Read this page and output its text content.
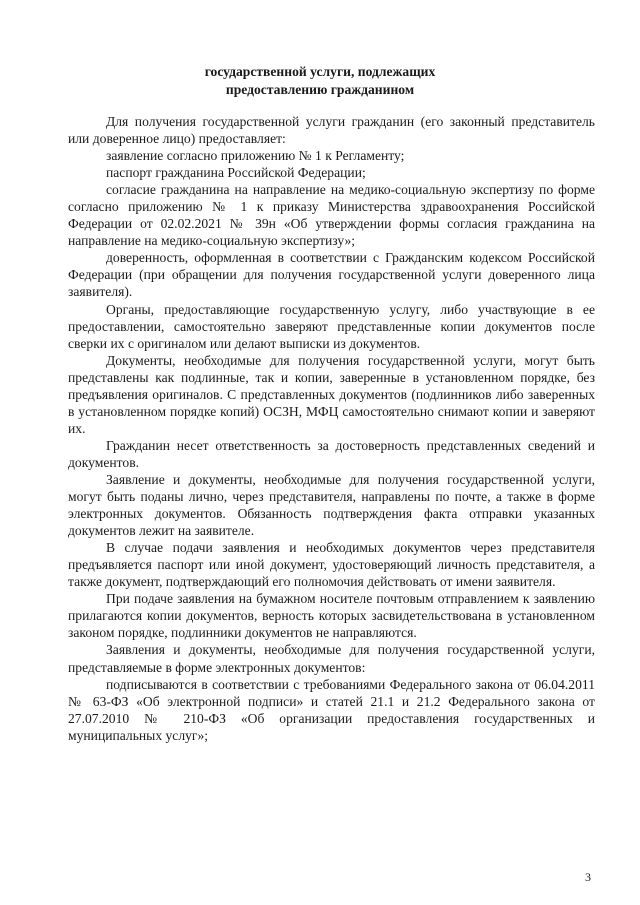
государственной услуги, подлежащих
предоставлению гражданином

Для получения государственной услуги гражданин (его законный представитель или доверенное лицо) предоставляет:

заявление согласно приложению № 1 к Регламенту;

паспорт гражданина Российской Федерации;

согласие гражданина на направление на медико-социальную экспертизу по форме согласно приложению № 1 к приказу Министерства здравоохранения Российской Федерации от 02.02.2021 № 39н «Об утверждении формы согласия гражданина на направление на медико-социальную экспертизу»;

доверенность, оформленная в соответствии с Гражданским кодексом Российской Федерации (при обращении для получения государственной услуги доверенного лица заявителя).

Органы, предоставляющие государственную услугу, либо участвующие в ее предоставлении, самостоятельно заверяют представленные копии документов после сверки их с оригиналом или делают выписки из документов.

Документы, необходимые для получения государственной услуги, могут быть представлены как подлинные, так и копии, заверенные в установленном порядке, без предъявления оригиналов. С представленных документов (подлинников либо заверенных в установленном порядке копий) ОСЗН, МФЦ самостоятельно снимают копии и заверяют их.

Гражданин несет ответственность за достоверность представленных сведений и документов.

Заявление и документы, необходимые для получения государственной услуги, могут быть поданы лично, через представителя, направлены по почте, а также в форме электронных документов. Обязанность подтверждения факта отправки указанных документов лежит на заявителе.

В случае подачи заявления и необходимых документов через представителя предъявляется паспорт или иной документ, удостоверяющий личность представителя, а также документ, подтверждающий его полномочия действовать от имени заявителя.

При подаче заявления на бумажном носителе почтовым отправлением к заявлению прилагаются копии документов, верность которых засвидетельствована в установленном законом порядке, подлинники документов не направляются.

Заявления и документы, необходимые для получения государственной услуги, представляемые в форме электронных документов:

подписываются в соответствии с требованиями Федерального закона от 06.04.2011 № 63-ФЗ «Об электронной подписи» и статей 21.1 и 21.2 Федерального закона от 27.07.2010 № 210-ФЗ «Об организации предоставления государственных и муниципальных услуг»;

3
